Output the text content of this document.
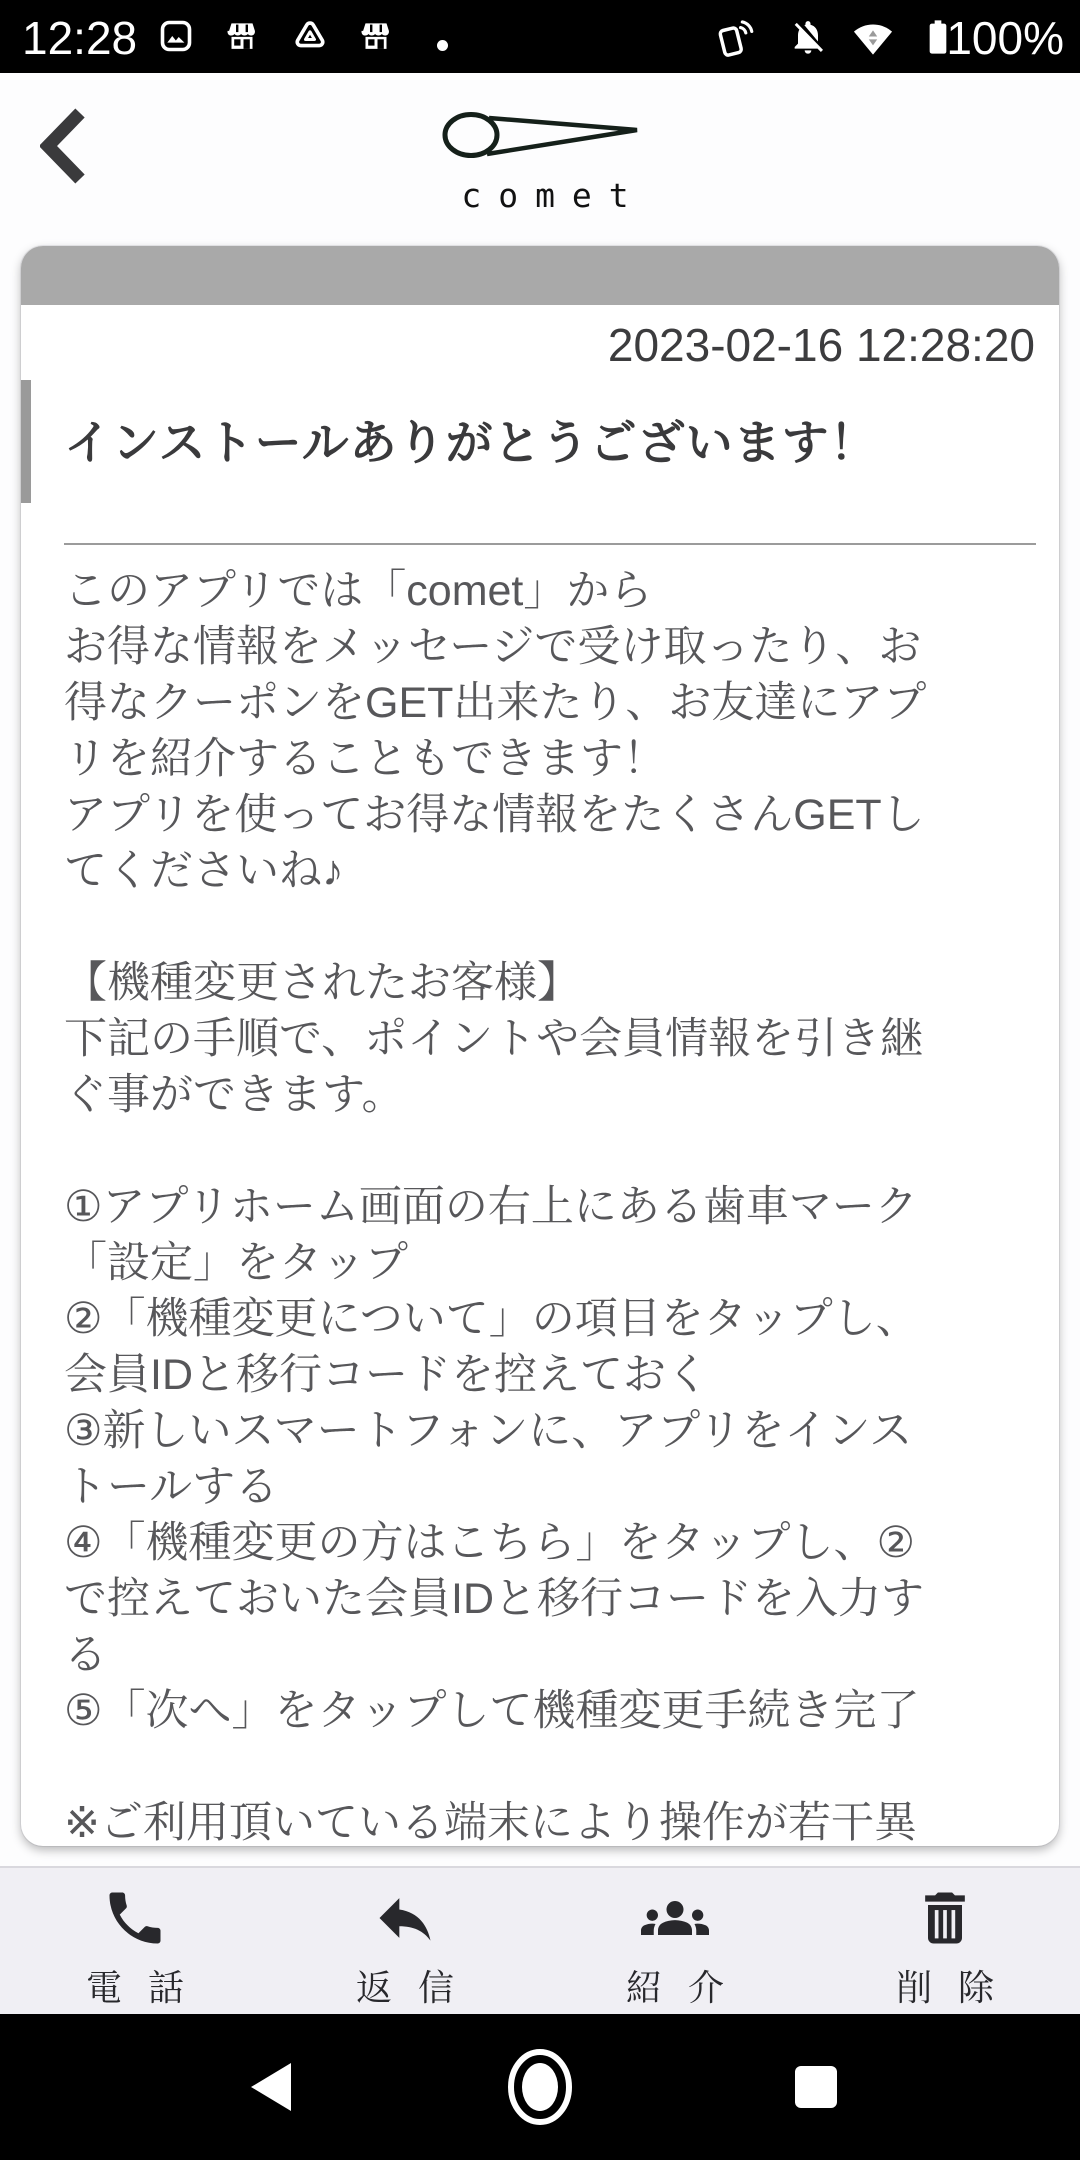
12:28	100%
comet
2023-02-16 12:28:20
インストールありがとうございます！
このアプリでは「comet」から
お得な情報をメッセージで受け取ったり、お
得なクーポンをGET出来たり、お友達にアプ
リを紹介することもできます！
アプリを使ってお得な情報をたくさんGETし
てくださいね♪
【機種変更されたお客様】
下記の手順で、ポイントや会員情報を引き継
ぐ事ができます。
①アプリホーム画面の右上にある歯車マーク
「設定」をタップ
②「機種変更について」の項目をタップし、
会員IDと移行コードを控えておく
③新しいスマートフォンに、アプリをインス
トールする
④「機種変更の方はこちら」をタップし、②
で控えておいた会員IDと移行コードを入力す
る
⑤「次へ」をタップして機種変更手続き完了
※ご利用頂いている端末により操作が若干異
電話	返信	紹介	削除
